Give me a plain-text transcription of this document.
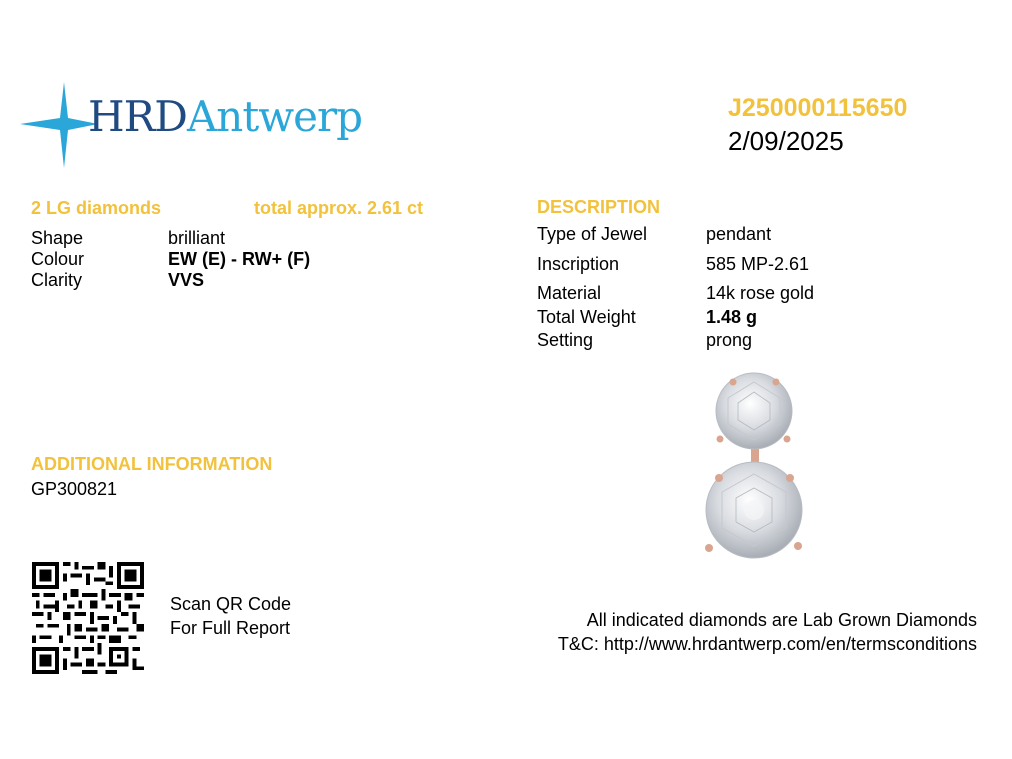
HRDAntwerp	J250000115650
2/09/2025
2 LG diamonds	total approx. 2.61 ct
Shape	brilliant
Colour	EW (E) - RW+ (F)
Clarity	VVS
DESCRIPTION
Type of Jewel	pendant
Inscription	585 MP-2.61
Material	14k rose gold
Total Weight	1.48 g
Setting	prong
ADDITIONAL INFORMATION
GP300821
Scan QR Code
For Full Report	All indicated diamonds are Lab Grown Diamonds
T&C: http://www.hrdantwerp.com/en/termsconditions
